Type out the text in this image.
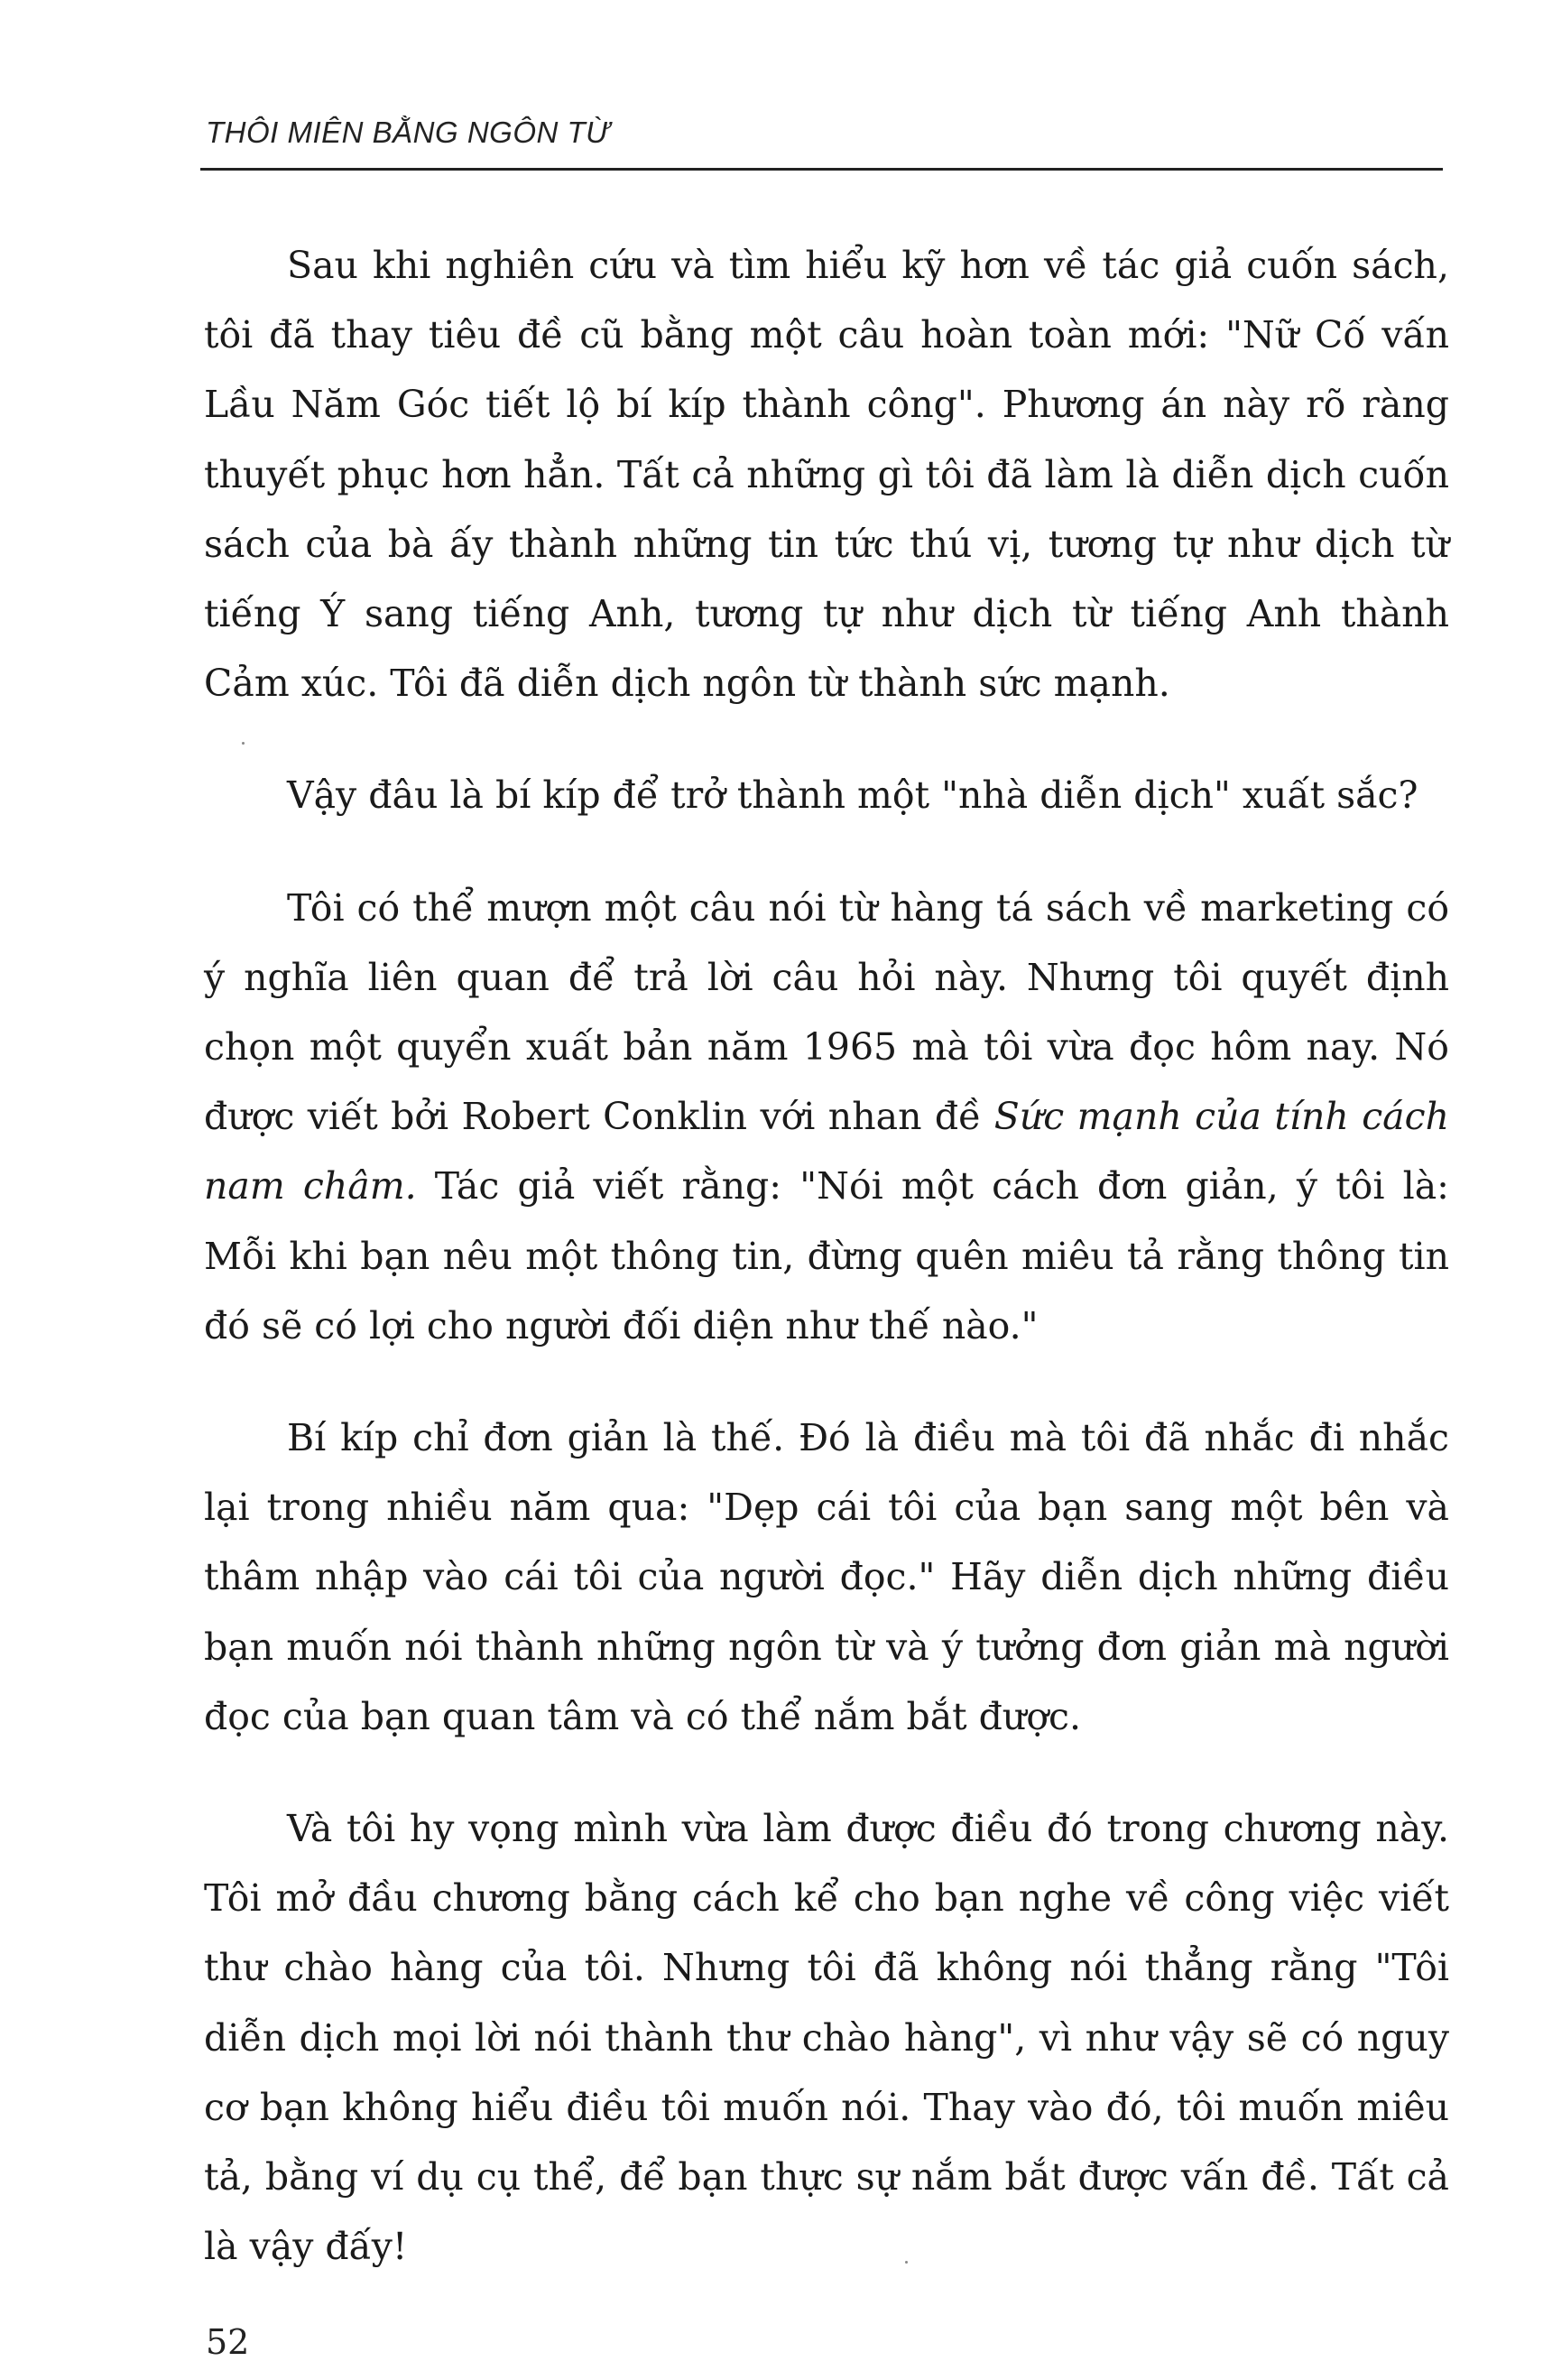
THÔI MIÊN BẰNG NGÔN TỪ

Sau khi nghiên cứu và tìm hiểu kỹ hơn về tác giả cuốn sách, tôi đã thay tiêu đề cũ bằng một câu hoàn toàn mới: "Nữ Cố vấn Lầu Năm Góc tiết lộ bí kíp thành công". Phương án này rõ ràng thuyết phục hơn hẳn. Tất cả những gì tôi đã làm là diễn dịch cuốn sách của bà ấy thành những tin tức thú vị, tương tự như dịch từ tiếng Ý sang tiếng Anh, tương tự như dịch từ tiếng Anh thành Cảm xúc. Tôi đã diễn dịch ngôn từ thành sức mạnh.

Vậy đâu là bí kíp để trở thành một "nhà diễn dịch" xuất sắc?

Tôi có thể mượn một câu nói từ hàng tá sách về marketing có ý nghĩa liên quan để trả lời câu hỏi này. Nhưng tôi quyết định chọn một quyển xuất bản năm 1965 mà tôi vừa đọc hôm nay. Nó được viết bởi Robert Conklin với nhan đề Sức mạnh của tính cách nam châm. Tác giả viết rằng: "Nói một cách đơn giản, ý tôi là: Mỗi khi bạn nêu một thông tin, đừng quên miêu tả rằng thông tin đó sẽ có lợi cho người đối diện như thế nào."

Bí kíp chỉ đơn giản là thế. Đó là điều mà tôi đã nhắc đi nhắc lại trong nhiều năm qua: "Dẹp cái tôi của bạn sang một bên và thâm nhập vào cái tôi của người đọc." Hãy diễn dịch những điều bạn muốn nói thành những ngôn từ và ý tưởng đơn giản mà người đọc của bạn quan tâm và có thể nắm bắt được.

Và tôi hy vọng mình vừa làm được điều đó trong chương này. Tôi mở đầu chương bằng cách kể cho bạn nghe về công việc viết thư chào hàng của tôi. Nhưng tôi đã không nói thẳng rằng "Tôi diễn dịch mọi lời nói thành thư chào hàng", vì như vậy sẽ có nguy cơ bạn không hiểu điều tôi muốn nói. Thay vào đó, tôi muốn miêu tả, bằng ví dụ cụ thể, để bạn thực sự nắm bắt được vấn đề. Tất cả là vậy đấy!

52
